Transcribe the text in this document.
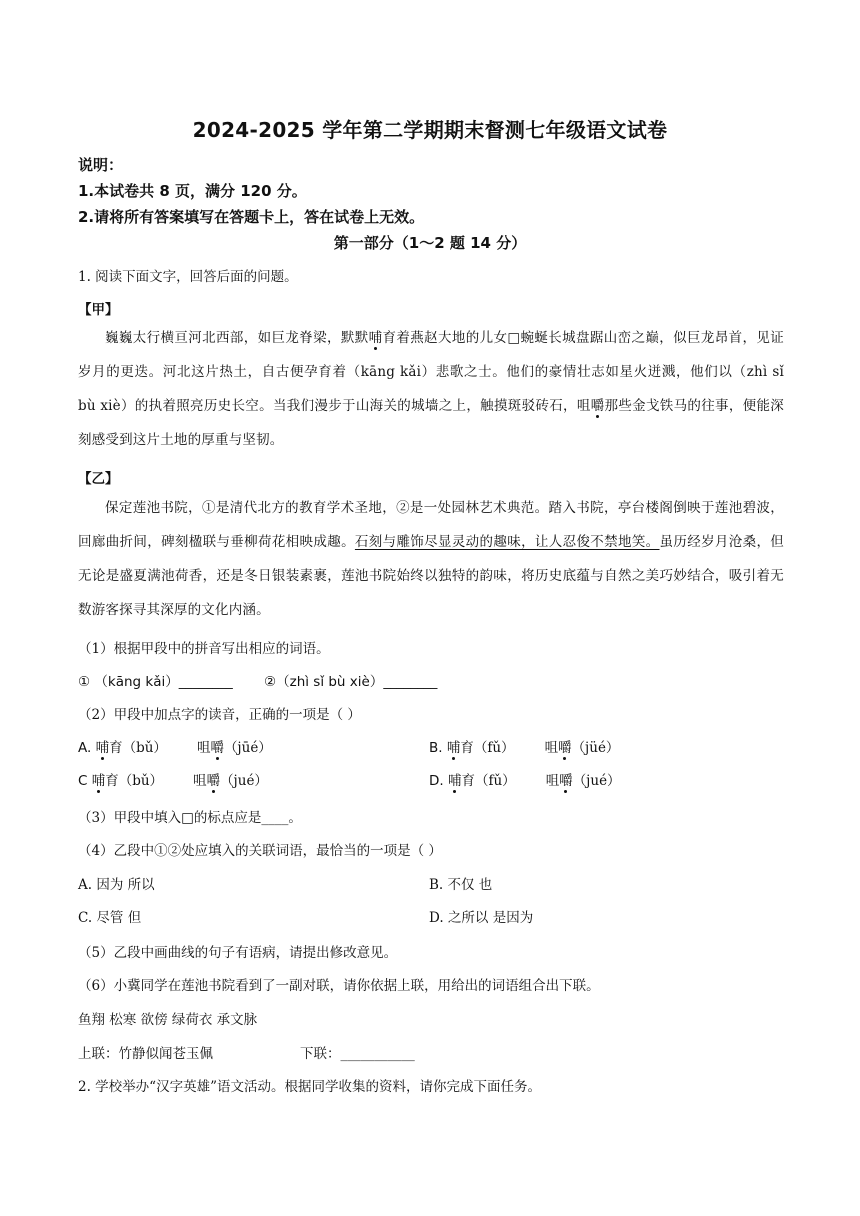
2024-2025 学年第二学期期末督测七年级语文试卷
说明：
1.本试卷共 8 页，满分 120 分。
2.请将所有答案填写在答题卡上，答在试卷上无效。
第一部分（1～2 题 14 分）
1. 阅读下面文字，回答后面的问题。
【甲】
巍巍太行横亘河北西部，如巨龙脊梁，默默哺育着燕赵大地的儿女□蜿蜒长城盘踞山峦之巅，似巨龙昂首，见证岁月的更迭。河北这片热土，自古便孕育着（kāng kǎi）悲歌之士。他们的豪情壮志如星火迸溅，他们以（zhì sǐ bù xiè）的执着照亮历史长空。当我们漫步于山海关的城墙之上，触摸斑驳砖石，咀嚼那些金戈铁马的往事，便能深刻感受到这片土地的厚重与坚韧。
【乙】
保定莲池书院，①是清代北方的教育学术圣地，②是一处园林艺术典范。踏入书院，亭台楼阁倒映于莲池碧波，回廊曲折间，碑刻楹联与垂柳荷花相映成趣。石刻与雕饰尽显灵动的趣味，让人忍俊不禁地笑。虽历经岁月沧桑，但无论是盛夏满池荷香，还是冬日银装素裹，莲池书院始终以独特的韵味，将历史底蕴与自然之美巧妙结合，吸引着无数游客探寻其深厚的文化内涵。
（1）根据甲段中的拼音写出相应的词语。
① （kāng kǎi）________ ②（zhì sǐ bù xiè）________
（2）甲段中加点字的读音，正确的一项是（ ）
A. 哺育（bǔ） 咀嚼（jūé）	B. 哺育（fǔ） 咀嚼（jüé）
C 哺育（bǔ） 咀嚼（jué）	D. 哺育（fǔ） 咀嚼（jué）
（3）甲段中填入□的标点应是____。
（4）乙段中①②处应填入的关联词语，最恰当的一项是（ ）
A. 因为 所以	B. 不仅 也
C. 尽管 但	D. 之所以 是因为
（5）乙段中画曲线的句子有语病，请提出修改意见。
（6）小冀同学在莲池书院看到了一副对联，请你依据上联，用给出的词语组合出下联。
鱼翔 松寒 欲傍 绿荷衣 承文脉
上联：竹静似闻苍玉佩	下联：___________
2. 学校举办“汉字英雄”语文活动。根据同学收集的资料，请你完成下面任务。
